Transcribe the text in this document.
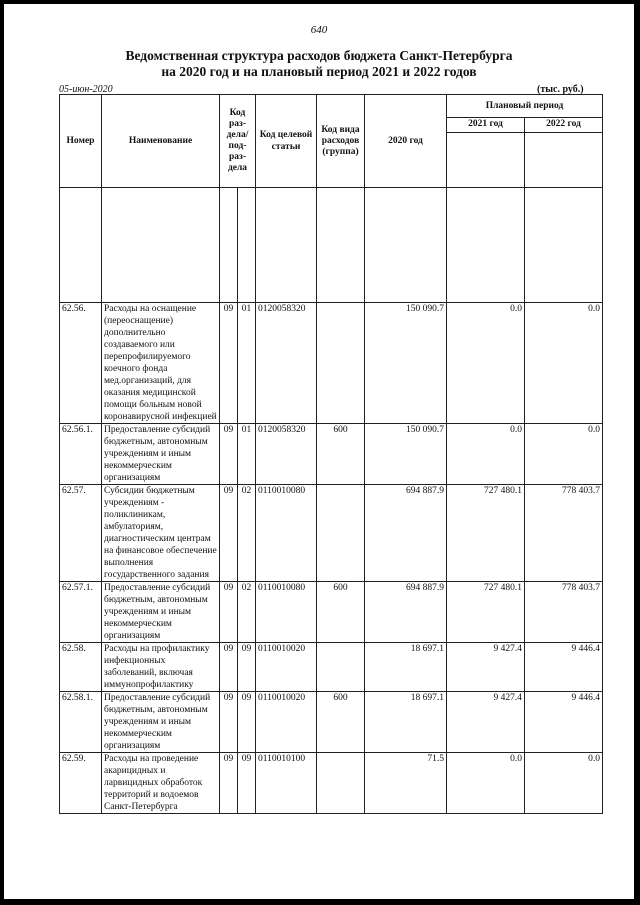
640
Ведомственная структура расходов бюджета Санкт-Петербурга
на 2020 год и на плановый период 2021 и 2022 годов
05-июн-2020	(тыс. руб.)
Номер	Наименование	Код раз-дела/ под-раз-дела		Код целевой статьи	Код вида расходов (группа)	2020 год	Плановый период	
							2021 год	2022 год

62.56.	Расходы на оснащение (переоснащение) дополнительно создаваемого или перепрофилируемого коечного фонда мед.организаций, для оказания медицинской помощи больным новой коронавирусной инфекцией	09	01	0120058320		150 090.7	0.0	0.0
62.56.1.	Предоставление субсидий бюджетным, автономным учреждениям и иным некоммерческим организациям	09	01	0120058320	600	150 090.7	0.0	0.0
62.57.	Субсидии бюджетным учреждениям - поликлиникам, амбулаториям, диагностическим центрам на финансовое обеспечение выполнения государственного задания	09	02	0110010080		694 887.9	727 480.1	778 403.7
62.57.1.	Предоставление субсидий бюджетным, автономным учреждениям и иным некоммерческим организациям	09	02	0110010080	600	694 887.9	727 480.1	778 403.7
62.58.	Расходы на профилактику инфекционных заболеваний, включая иммунопрофилактику	09	09	0110010020		18 697.1	9 427.4	9 446.4
62.58.1.	Предоставление субсидий бюджетным, автономным учреждениям и иным некоммерческим организациям	09	09	0110010020	600	18 697.1	9 427.4	9 446.4
62.59.	Расходы на проведение акарицидных и ларвицидных обработок территорий и водоемов Санкт-Петербурга	09	09	0110010100		71.5	0.0	0.0
